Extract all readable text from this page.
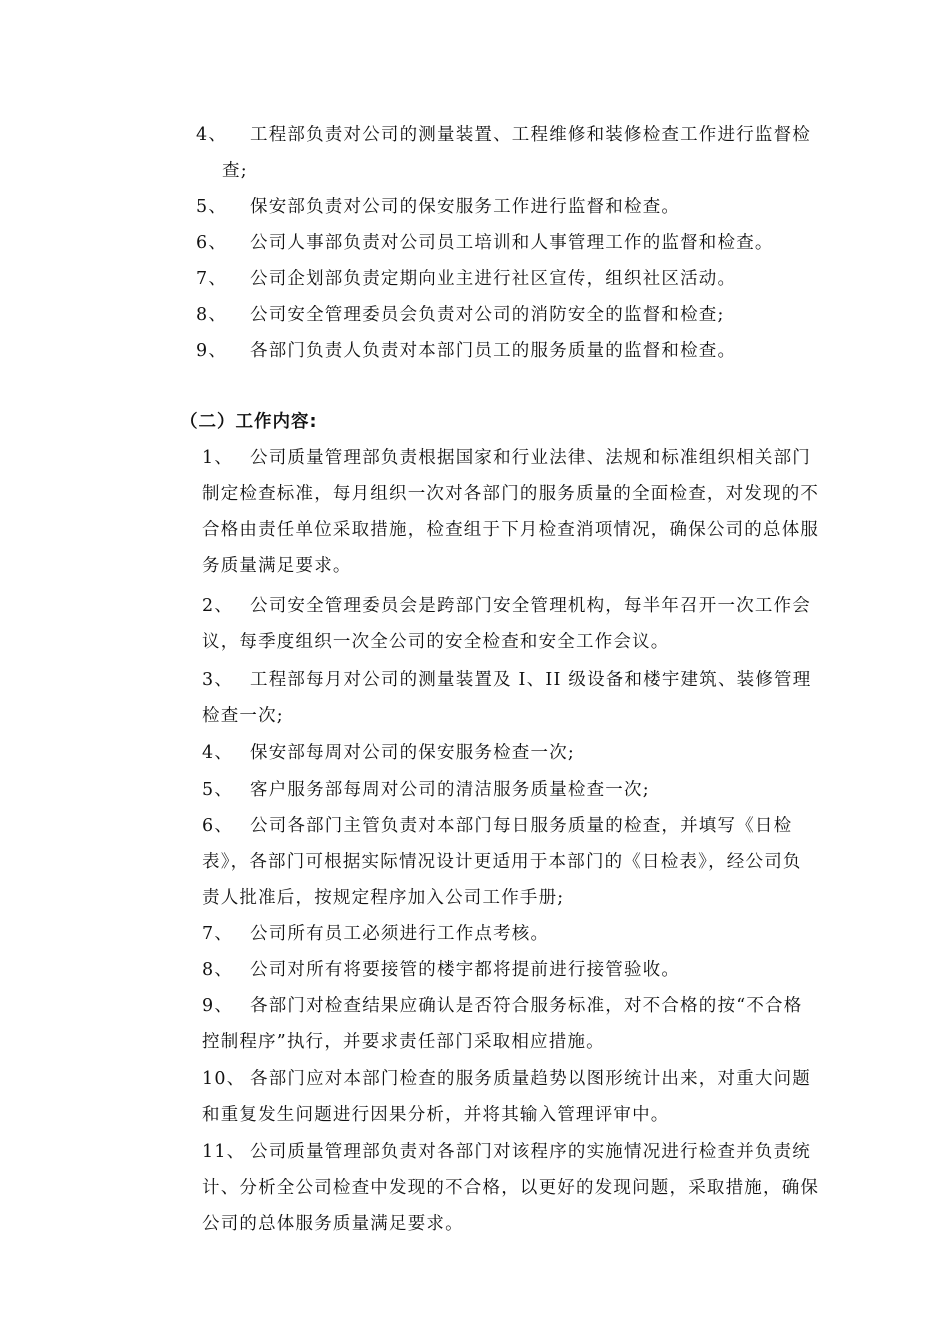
4、 工程部负责对公司的测量装置、工程维修和装修检查工作进行监督检
查;
5、 保安部负责对公司的保安服务工作进行监督和检查。
6、 公司人事部负责对公司员工培训和人事管理工作的监督和检查。
7、 公司企划部负责定期向业主进行社区宣传，组织社区活动。
8、 公司安全管理委员会负责对公司的消防安全的监督和检查;
9、 各部门负责人负责对本部门员工的服务质量的监督和检查。
（二）工作内容:
1、 公司质量管理部负责根据国家和行业法律、法规和标准组织相关部门
制定检查标准，每月组织一次对各部门的服务质量的全面检查，对发现的不
合格由责任单位采取措施，检查组于下月检查消项情况，确保公司的总体服
务质量满足要求。
2、 公司安全管理委员会是跨部门安全管理机构，每半年召开一次工作会
议，每季度组织一次全公司的安全检查和安全工作会议。
3、 工程部每月对公司的测量装置及 I、II 级设备和楼宇建筑、装修管理
检查一次;
4、 保安部每周对公司的保安服务检查一次;
5、 客户服务部每周对公司的清洁服务质量检查一次;
6、 公司各部门主管负责对本部门每日服务质量的检查，并填写《日检
表》，各部门可根据实际情况设计更适用于本部门的《日检表》，经公司负
责人批准后，按规定程序加入公司工作手册;
7、 公司所有员工必须进行工作点考核。
8、 公司对所有将要接管的楼宇都将提前进行接管验收。
9、 各部门对检查结果应确认是否符合服务标准，对不合格的按“不合格
控制程序”执行，并要求责任部门采取相应措施。
10、 各部门应对本部门检查的服务质量趋势以图形统计出来，对重大问题
和重复发生问题进行因果分析，并将其输入管理评审中。
11、 公司质量管理部负责对各部门对该程序的实施情况进行检查并负责统
计、分析全公司检查中发现的不合格，以更好的发现问题，采取措施，确保
公司的总体服务质量满足要求。
